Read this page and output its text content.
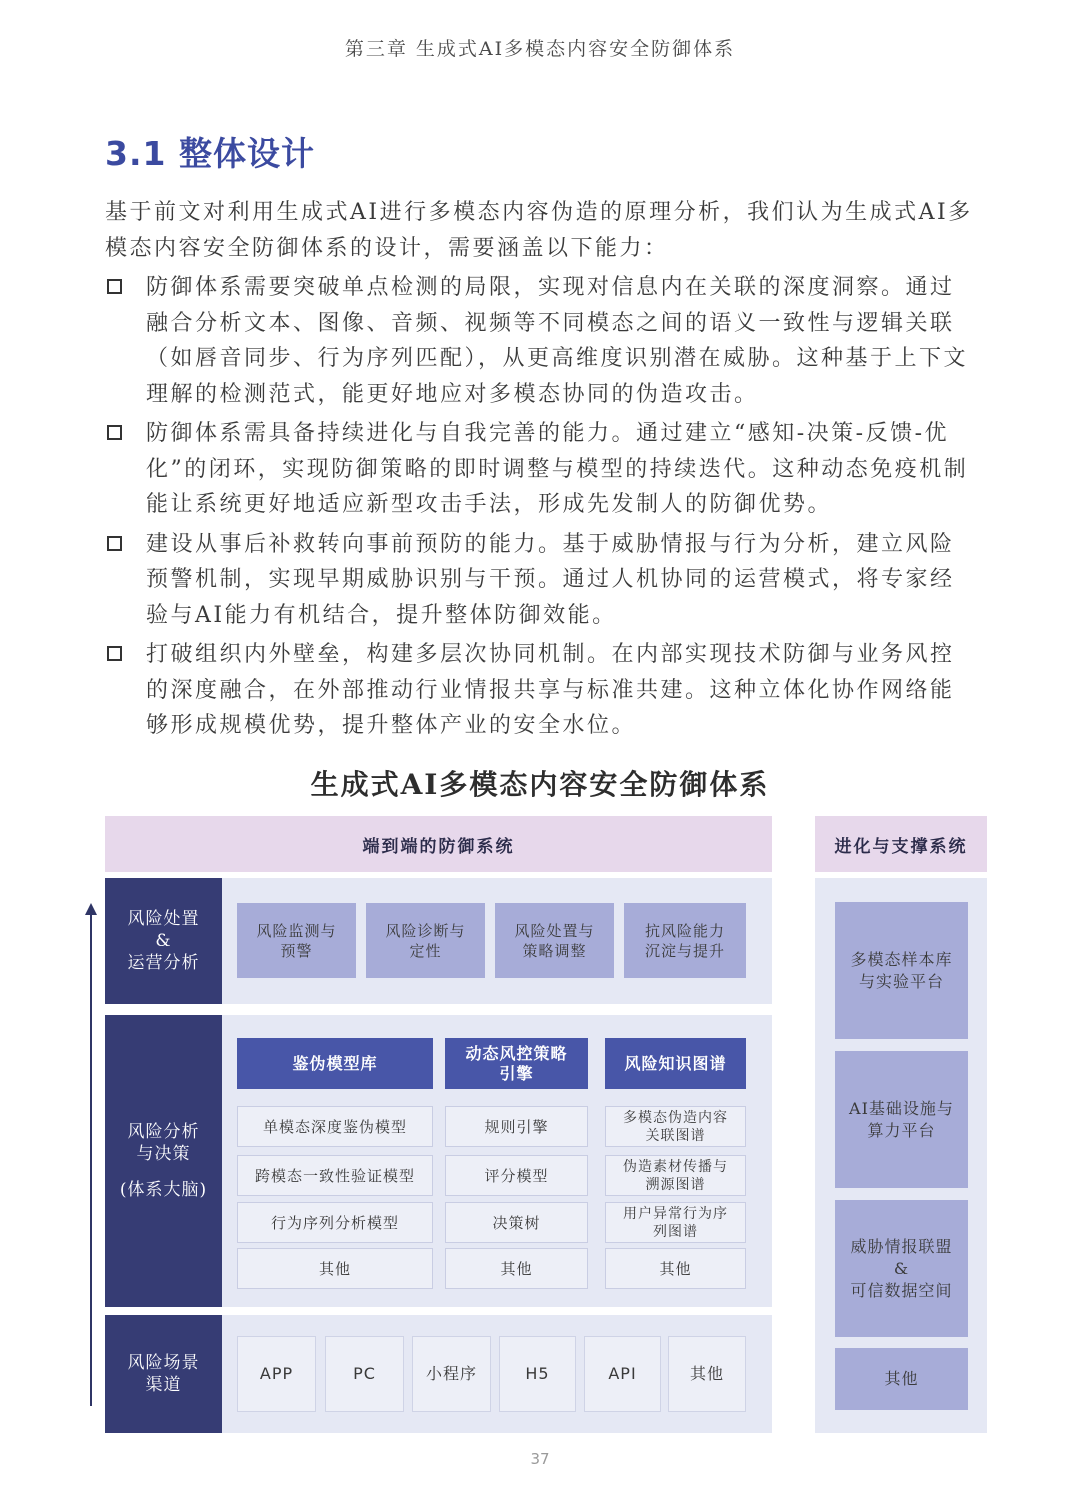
第三章 生成式AI多模态内容安全防御体系
3.1 整体设计

基于前文对利用生成式AI进行多模态内容伪造的原理分析，我们认为生成式AI多模态内容安全防御体系的设计，需要涵盖以下能力：

防御体系需要突破单点检测的局限，实现对信息内在关联的深度洞察。通过融合分析文本、图像、音频、视频等不同模态之间的语义一致性与逻辑关联（如唇音同步、行为序列匹配），从更高维度识别潜在威胁。这种基于上下文理解的检测范式，能更好地应对多模态协同的伪造攻击。
防御体系需具备持续进化与自我完善的能力。通过建立“感知-决策-反馈-优化”的闭环，实现防御策略的即时调整与模型的持续迭代。这种动态免疫机制能让系统更好地适应新型攻击手法，形成先发制人的防御优势。
建设从事后补救转向事前预防的能力。基于威胁情报与行为分析，建立风险预警机制，实现早期威胁识别与干预。通过人机协同的运营模式，将专家经验与AI能力有机结合，提升整体防御效能。
打破组织内外壁垒，构建多层次协同机制。在内部实现技术防御与业务风控的深度融合，在外部推动行业情报共享与标准共建。这种立体化协作网络能够形成规模优势，提升整体产业的安全水位。
生成式AI多模态内容安全防御体系
端到端的防御系统	进化与支撑系统
风险处置
&
运营分析
风险监测与
预警
风险诊断与
定性
风险处置与
策略调整
抗风险能力
沉淀与提升
风险分析
与决策
(体系大脑)
鉴伪模型库
单模态深度鉴伪模型
跨模态一致性验证模型
行为序列分析模型
其他
动态风控策略
引擎
规则引擎
评分模型
决策树
其他
风险知识图谱
多模态伪造内容
关联图谱
伪造素材传播与
溯源图谱
用户异常行为序
列图谱
其他
风险场景
渠道
APP	PC	小程序	H5	API	其他
多模态样本库
与实验平台
AI基础设施与
算力平台
威胁情报联盟
&
可信数据空间
其他
37
